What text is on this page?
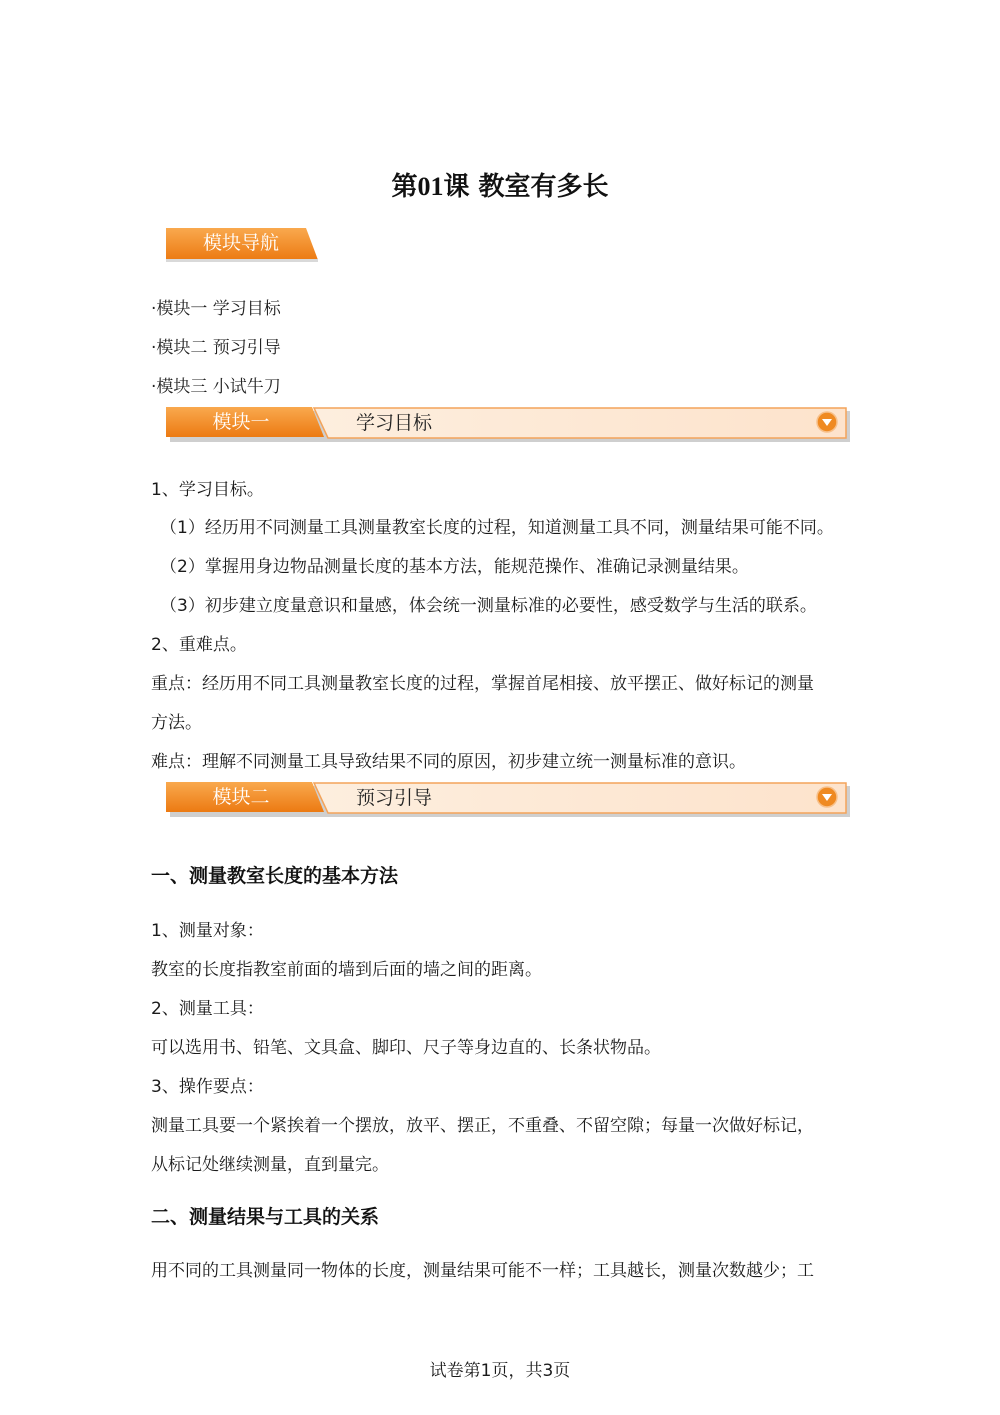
第01课 教室有多长
模块导航
·模块一 学习目标
·模块二 预习引导
·模块三 小试牛刀
模块一	学习目标
1、学习目标。
（1）经历用不同测量工具测量教室长度的过程，知道测量工具不同，测量结果可能不同。
（2）掌握用身边物品测量长度的基本方法，能规范操作、准确记录测量结果。
（3）初步建立度量意识和量感，体会统一测量标准的必要性，感受数学与生活的联系。
2、重难点。
重点：经历用不同工具测量教室长度的过程，掌握首尾相接、放平摆正、做好标记的测量
方法。
难点：理解不同测量工具导致结果不同的原因，初步建立统一测量标准的意识。
模块二	预习引导
一、测量教室长度的基本方法
1、测量对象：
教室的长度指教室前面的墙到后面的墙之间的距离。
2、测量工具：
可以选用书、铅笔、文具盒、脚印、尺子等身边直的、长条状物品。
3、操作要点：
测量工具要一个紧挨着一个摆放，放平、摆正，不重叠、不留空隙；每量一次做好标记，
从标记处继续测量，直到量完。
二、测量结果与工具的关系
用不同的工具测量同一物体的长度，测量结果可能不一样；工具越长，测量次数越少；工
试卷第1页，共3页
